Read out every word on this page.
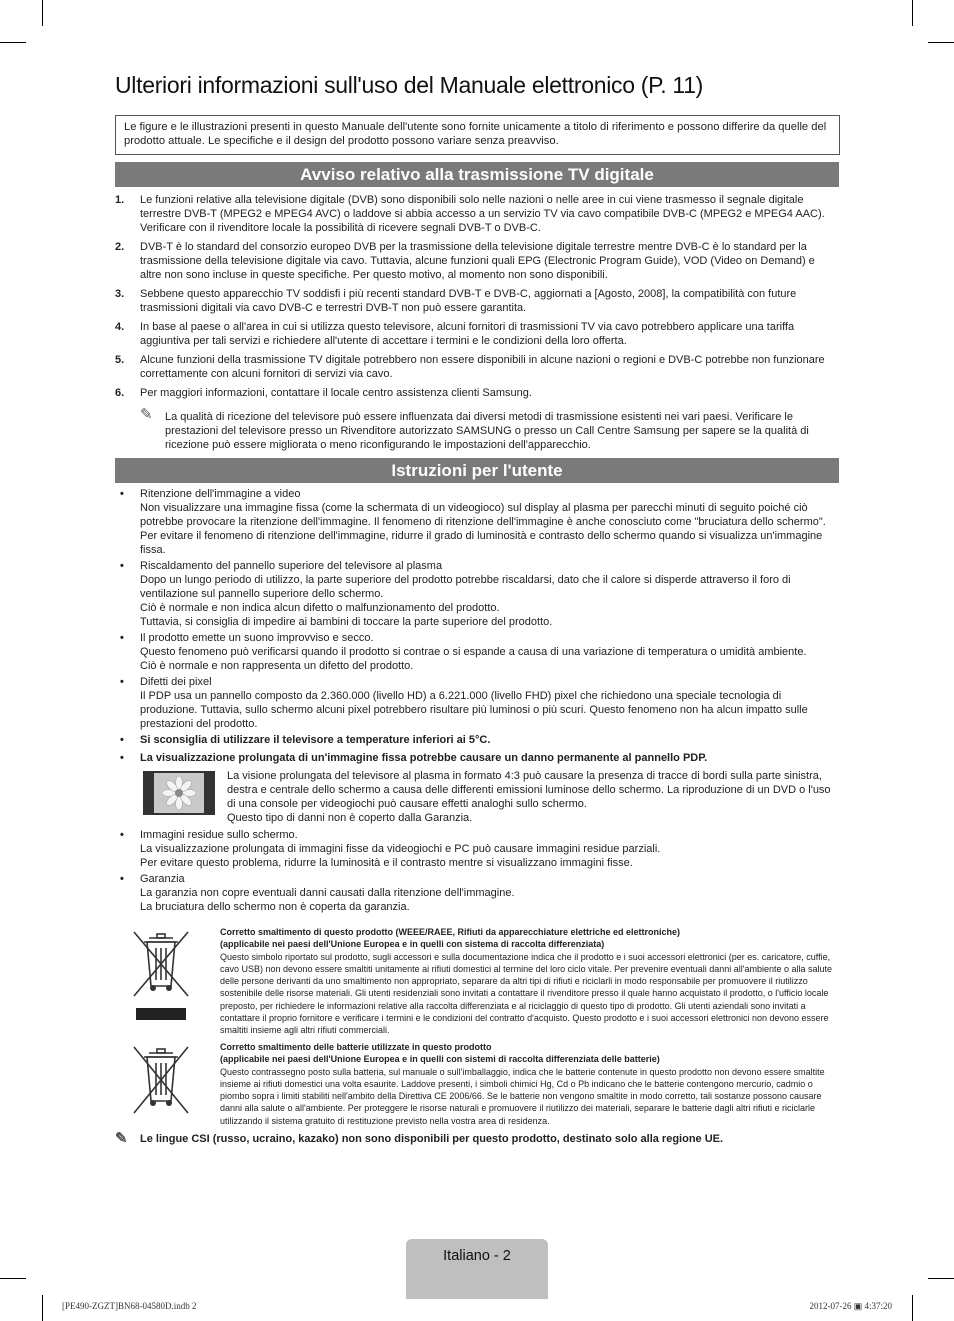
Ulteriori informazioni sull'uso del Manuale elettronico (P. 11)
Le figure e le illustrazioni presenti in questo Manuale dell'utente sono fornite unicamente a titolo di riferimento e possono differire da quelle del prodotto attuale. Le specifiche e il design del prodotto possono variare senza preavviso.
Avviso relativo alla trasmissione TV digitale
1. Le funzioni relative alla televisione digitale (DVB) sono disponibili solo nelle nazioni o nelle aree in cui viene trasmesso il segnale digitale terrestre DVB-T (MPEG2 e MPEG4 AVC) o laddove si abbia accesso a un servizio TV via cavo compatibile DVB-C (MPEG2 e MPEG4 AAC). Verificare con il rivenditore locale la possibilità di ricevere segnali DVB-T o DVB-C.
2. DVB-T è lo standard del consorzio europeo DVB per la trasmissione della televisione digitale terrestre mentre DVB-C è lo standard per la trasmissione della televisione digitale via cavo. Tuttavia, alcune funzioni quali EPG (Electronic Program Guide), VOD (Video on Demand) e altre non sono incluse in queste specifiche. Per questo motivo, al momento non sono disponibili.
3. Sebbene questo apparecchio TV soddisfi i più recenti standard DVB-T e DVB-C, aggiornati a [Agosto, 2008], la compatibilità con future trasmissioni digitali via cavo DVB-C e terrestri DVB-T non può essere garantita.
4. In base al paese o all'area in cui si utilizza questo televisore, alcuni fornitori di trasmissioni TV via cavo potrebbero applicare una tariffa aggiuntiva per tali servizi e richiedere all'utente di accettare i termini e le condizioni della loro offerta.
5. Alcune funzioni della trasmissione TV digitale potrebbero non essere disponibili in alcune nazioni o regioni e DVB-C potrebbe non funzionare correttamente con alcuni fornitori di servizi via cavo.
6. Per maggiori informazioni, contattare il locale centro assistenza clienti Samsung.
✎ La qualità di ricezione del televisore può essere influenzata dai diversi metodi di trasmissione esistenti nei vari paesi. Verificare le prestazioni del televisore presso un Rivenditore autorizzato SAMSUNG o presso un Call Centre Samsung per sapere se la qualità di ricezione può essere migliorata o meno riconfigurando le impostazioni dell'apparecchio.
Istruzioni per l'utente
• Ritenzione dell'immagine a video
Non visualizzare una immagine fissa (come la schermata di un videogioco) sul display al plasma per parecchi minuti di seguito poiché ciò potrebbe provocare la ritenzione dell'immagine. Il fenomeno di ritenzione dell'immagine è anche conosciuto come "bruciatura dello schermo". Per evitare il fenomeno di ritenzione dell'immagine, ridurre il grado di luminosità e contrasto dello schermo quando si visualizza un'immagine fissa.
• Riscaldamento del pannello superiore del televisore al plasma
Dopo un lungo periodo di utilizzo, la parte superiore del prodotto potrebbe riscaldarsi, dato che il calore si disperde attraverso il foro di ventilazione sul pannello superiore dello schermo.
Ciò è normale e non indica alcun difetto o malfunzionamento del prodotto.
Tuttavia, si consiglia di impedire ai bambini di toccare la parte superiore del prodotto.
• Il prodotto emette un suono improvviso e secco.
Questo fenomeno può verificarsi quando il prodotto si contrae o si espande a causa di una variazione di temperatura o umidità ambiente.
Ciò è normale e non rappresenta un difetto del prodotto.
• Difetti dei pixel
Il PDP usa un pannello composto da 2.360.000 (livello HD) a 6.221.000 (livello FHD) pixel che richiedono una speciale tecnologia di produzione. Tuttavia, sullo schermo alcuni pixel potrebbero risultare più luminosi o più scuri. Questo fenomeno non ha alcun impatto sulle prestazioni del prodotto.
• Si sconsiglia di utilizzare il televisore a temperature inferiori ai 5°C.
• La visualizzazione prolungata di un'immagine fissa potrebbe causare un danno permanente al pannello PDP.
La visione prolungata del televisore al plasma in formato 4:3 può causare la presenza di tracce di bordi sulla parte sinistra, destra e centrale dello schermo a causa delle differenti emissioni luminose dello schermo. La riproduzione di un DVD o l'uso di una console per videogiochi può causare effetti analoghi sullo schermo.
Questo tipo di danni non è coperto dalla Garanzia.
• Immagini residue sullo schermo.
La visualizzazione prolungata di immagini fisse da videogiochi e PC può causare immagini residue parziali.
Per evitare questo problema, ridurre la luminosità e il contrasto mentre si visualizzano immagini fisse.
• Garanzia
La garanzia non copre eventuali danni causati dalla ritenzione dell'immagine.
La bruciatura dello schermo non è coperta da garanzia.
Corretto smaltimento di questo prodotto (WEEE/RAEE, Rifiuti da apparecchiature elettriche ed elettroniche)
(applicabile nei paesi dell'Unione Europea e in quelli con sistema di raccolta differenziata)
Questo simbolo riportato sul prodotto, sugli accessori e sulla documentazione indica che il prodotto e i suoi accessori elettronici (per es. caricatore, cuffie, cavo USB) non devono essere smaltiti unitamente ai rifiuti domestici al termine del loro ciclo vitale. Per prevenire eventuali danni all'ambiente o alla salute delle persone derivanti da uno smaltimento non appropriato, separare da altri tipi di rifiuti e riciclarli in modo responsabile per promuovere il riutilizzo sostenibile delle risorse materiali. Gli utenti residenziali sono invitati a contattare il rivenditore presso il quale hanno acquistato il prodotto, o l'ufficio locale preposto, per richiedere le informazioni relative alla raccolta differenziata e al riciclaggio di questo tipo di prodotto. Gli utenti aziendali sono invitati a contattare il proprio fornitore e verificare i termini e le condizioni del contratto d'acquisto. Questo prodotto e i suoi accessori elettronici non devono essere smaltiti insieme agli altri rifiuti commerciali.
Corretto smaltimento delle batterie utilizzate in questo prodotto
(applicabile nei paesi dell'Unione Europea e in quelli con sistemi di raccolta differenziata delle batterie)
Questo contrassegno posto sulla batteria, sul manuale o sull'imballaggio, indica che le batterie contenute in questo prodotto non devono essere smaltite insieme ai rifiuti domestici una volta esaurite. Laddove presenti, i simboli chimici Hg, Cd o Pb indicano che le batterie contengono mercurio, cadmio o piombo sopra i limiti stabiliti nell'ambito della Direttiva CE 2006/66. Se le batterie non vengono smaltite in modo corretto, tali sostanze possono causare danni alla salute o all'ambiente. Per proteggere le risorse naturali e promuovere il riutilizzo dei materiali, separare le batterie dagli altri rifiuti e riciclarle utilizzando il sistema gratuito di restituzione previsto nella vostra area di residenza.
✎ Le lingue CSI (russo, ucraino, kazako) non sono disponibili per questo prodotto, destinato solo alla regione UE.
Italiano - 2
[PE490-ZGZT]BN68-04580D.indb 2	2012-07-26 ▣ 4:37:20
